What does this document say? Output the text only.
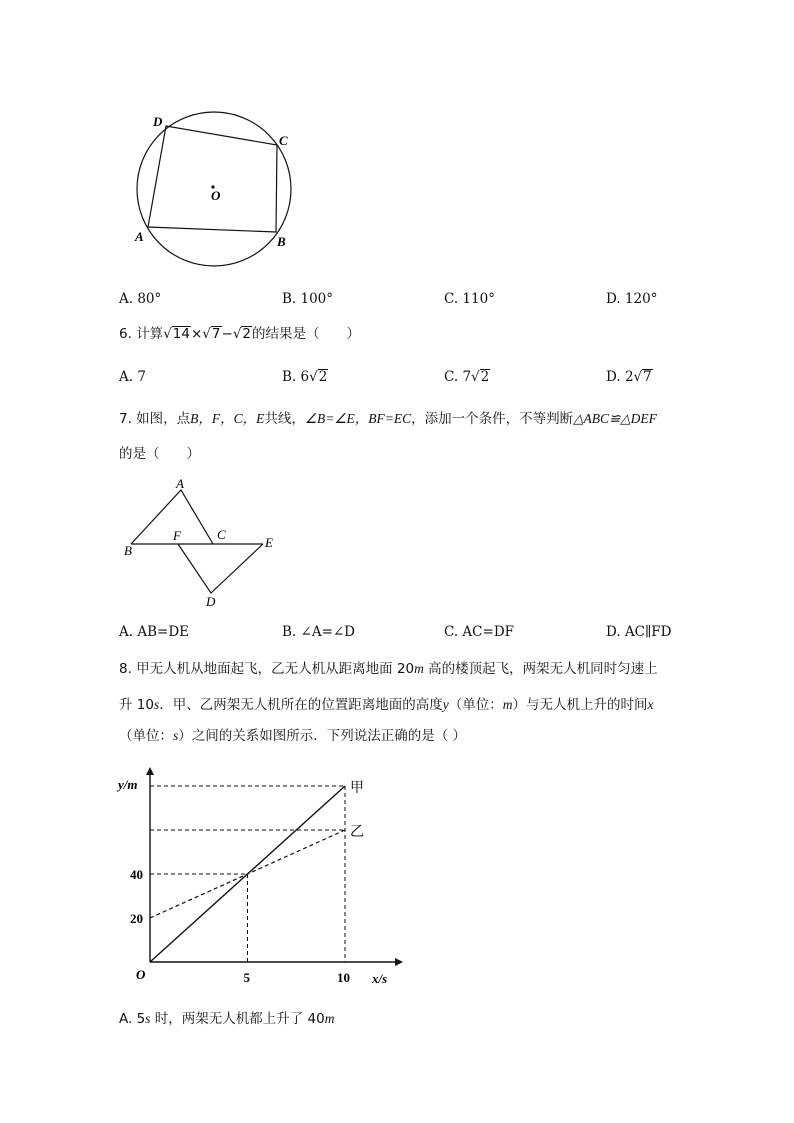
D
C
A	B
O
A. 80°	B. 100°	C. 110°	D. 120°
6. 计算√14×√7−√2的结果是（　　）
A. 7	B. 6√2	C. 7√2	D. 2√7
7. 如图，点B，F，C，E共线，∠B=∠E，BF=EC，添加一个条件，不等判断△ABC≌△DEF
的是（　　）
A
B
F	C
E
D
A. AB=DE	B. ∠A=∠D	C. AC=DF	D. AC∥FD
8. 甲无人机从地面起飞，乙无人机从距离地面 20m 高的楼顶起飞，两架无人机同时匀速上
升 10s．甲、乙两架无人机所在的位置距离地面的高度y（单位：m）与无人机上升的时间x
（单位：s）之间的关系如图所示．下列说法正确的是（ ）
甲
乙
y/m
x/s
O
20
40
5	10
A. 5s 时，两架无人机都上升了 40m
